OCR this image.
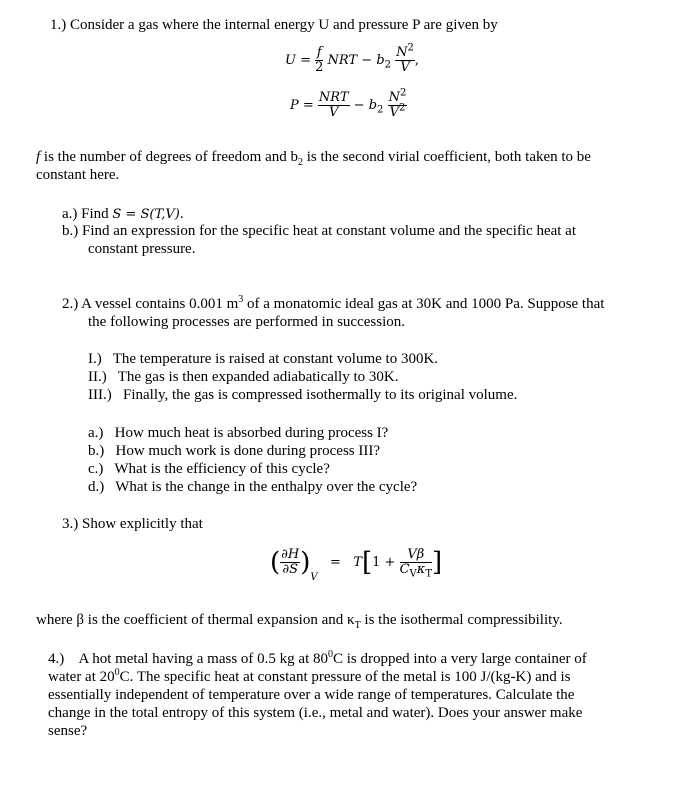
1.) Consider a gas where the internal energy U and pressure P are given by
$U = \frac{f}{2}$ NRT − $b_2 \frac{N^2}{V}$ ,
$P = \frac{\text{NRT}}{V} - b_2 \frac{N^2}{V^2}$
f is the number of degrees of freedom and $b_2$ is the second virial coefficient, both taken to be
constant here.
a.) Find S = S(T,V).
b.) Find an expression for the specific heat at constant volume and the specific heat at
constant pressure.
2.) A vessel contains 0.001 $m^3$ of a monatomic ideal gas at 30K and 1000 Pa. Suppose that
the following processes are performed in succession.
I.) The temperature is raised at constant volume to 300K.
II.) The gas is then expanded adiabatically to 30K.
III.) Finally, the gas is compressed isothermally to its original volume.
a.) How much heat is absorbed during process I?
b.) How much work is done during process III?
c.) What is the efficiency of this cycle?
d.) What is the change in the enthalpy over the cycle?
3.) Show explicitly that
( $\frac{\partial H}{\partial S} )_V = T[1 + \frac{V\beta}{C_V\kappa_T}$ ]
where β is the coefficient of thermal expansion and $\kappa_T$ is the isothermal compressibility.
4.) A hot metal having a mass of 0.5 kg at $80^0C$ is dropped into a very large container of
water at $20^0C$. The specific heat at constant pressure of the metal is 100 J/(kg-K) and is
essentially independent of temperature over a wide range of temperatures. Calculate the
change in the total entropy of this system (i.e., metal and water). Does your answer make
sense?
